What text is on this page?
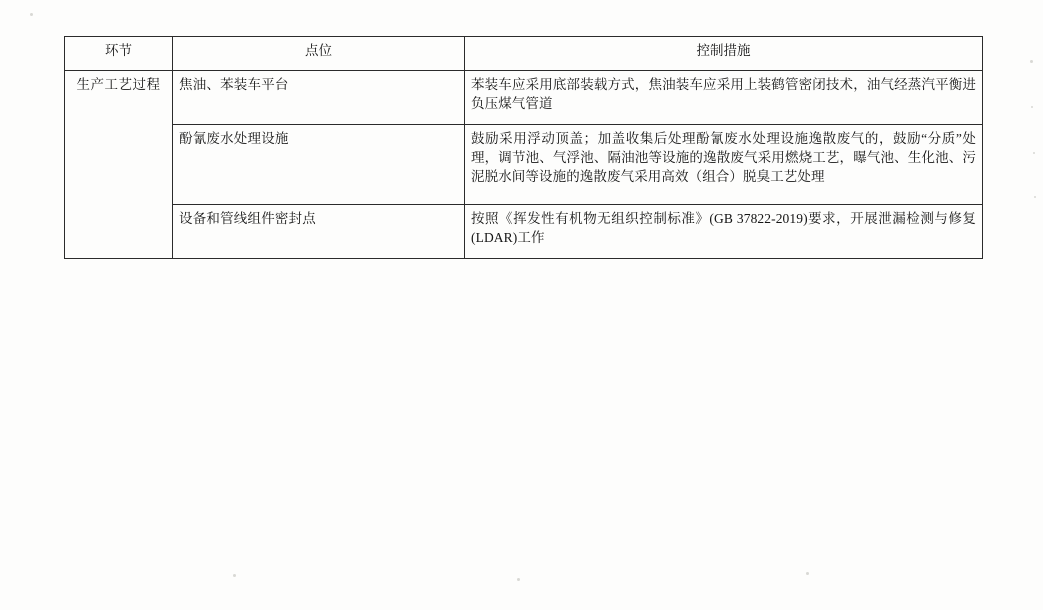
环节	点位	控制措施
生产工艺过程	焦油、苯装车平台	苯装车应采用底部装载方式，焦油装车应采用上装鹤管密闭技术，油气经蒸汽平衡进负压煤气管道
	酚氰废水处理设施	鼓励采用浮动顶盖；加盖收集后处理酚氰废水处理设施逸散废气的，鼓励“分质”处理，调节池、气浮池、隔油池等设施的逸散废气采用燃烧工艺，曝气池、生化池、污泥脱水间等设施的逸散废气采用高效（组合）脱臭工艺处理
	设备和管线组件密封点	按照《挥发性有机物无组织控制标准》(GB 37822-2019)要求，开展泄漏检测与修复(LDAR)工作
